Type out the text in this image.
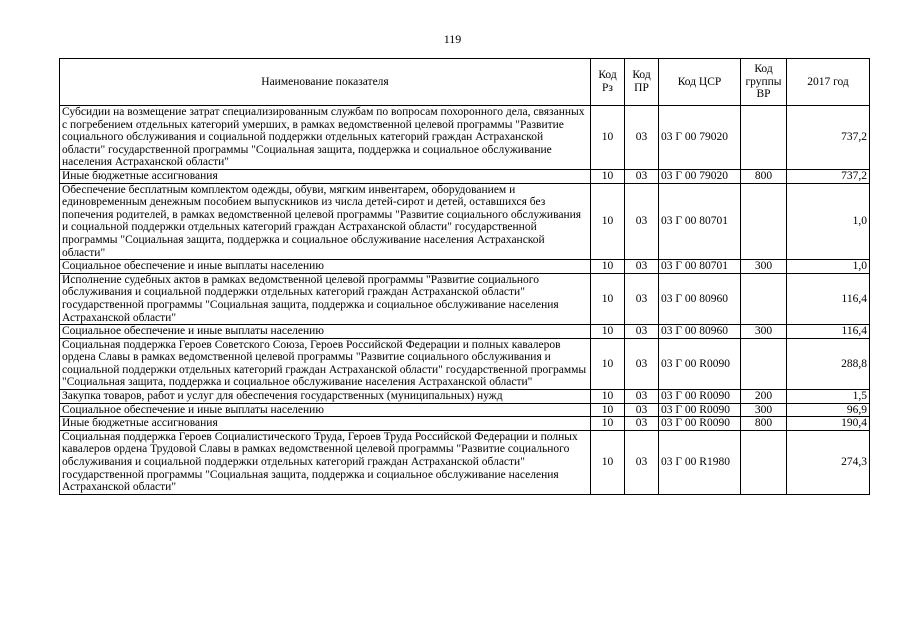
119
Наименование показателя	Код Рз	Код ПР	Код ЦСР	Код группы ВР	2017 год
Субсидии на возмещение затрат специализированным службам по вопросам похоронного дела, связанных с погребением отдельных категорий умерших, в рамках ведомственной целевой программы "Развитие социального обслуживания и социальной поддержки отдельных категорий граждан Астраханской области" государственной программы "Социальная защита, поддержка и социальное обслуживание населения Астраханской области"	10	03	03 Г 00 79020		737,2
Иные бюджетные ассигнования	10	03	03 Г 00 79020	800	737,2
Обеспечение бесплатным комплектом одежды, обуви, мягким инвентарем, оборудованием и единовременным денежным пособием выпускников из числа детей-сирот и детей, оставшихся без попечения родителей, в рамках ведомственной целевой программы "Развитие социального обслуживания и социальной поддержки отдельных категорий граждан Астраханской области" государственной программы "Социальная защита, поддержка и социальное обслуживание населения Астраханской области"	10	03	03 Г 00 80701		1,0
Социальное обеспечение и иные выплаты населению	10	03	03 Г 00 80701	300	1,0
Исполнение судебных актов в рамках ведомственной целевой программы "Развитие социального обслуживания и социальной поддержки отдельных категорий граждан Астраханской области" государственной программы "Социальная защита, поддержка и социальное обслуживание населения Астраханской области"	10	03	03 Г 00 80960		116,4
Социальное обеспечение и иные выплаты населению	10	03	03 Г 00 80960	300	116,4
Социальная поддержка Героев Советского Союза, Героев Российской Федерации и полных кавалеров ордена Славы в рамках ведомственной целевой программы "Развитие социального обслуживания и социальной поддержки отдельных категорий граждан Астраханской области" государственной программы "Социальная защита, поддержка и социальное обслуживание населения Астраханской области"	10	03	03 Г 00 R0090		288,8
Закупка товаров, работ и услуг для обеспечения государственных (муниципальных) нужд	10	03	03 Г 00 R0090	200	1,5
Социальное обеспечение и иные выплаты населению	10	03	03 Г 00 R0090	300	96,9
Иные бюджетные ассигнования	10	03	03 Г 00 R0090	800	190,4
Социальная поддержка Героев Социалистического Труда, Героев Труда Российской Федерации и полных кавалеров ордена Трудовой Славы в рамках ведомственной целевой программы "Развитие социального обслуживания и социальной поддержки отдельных категорий граждан Астраханской области" государственной программы "Социальная защита, поддержка и социальное обслуживание населения Астраханской области"	10	03	03 Г 00 R1980		274,3
